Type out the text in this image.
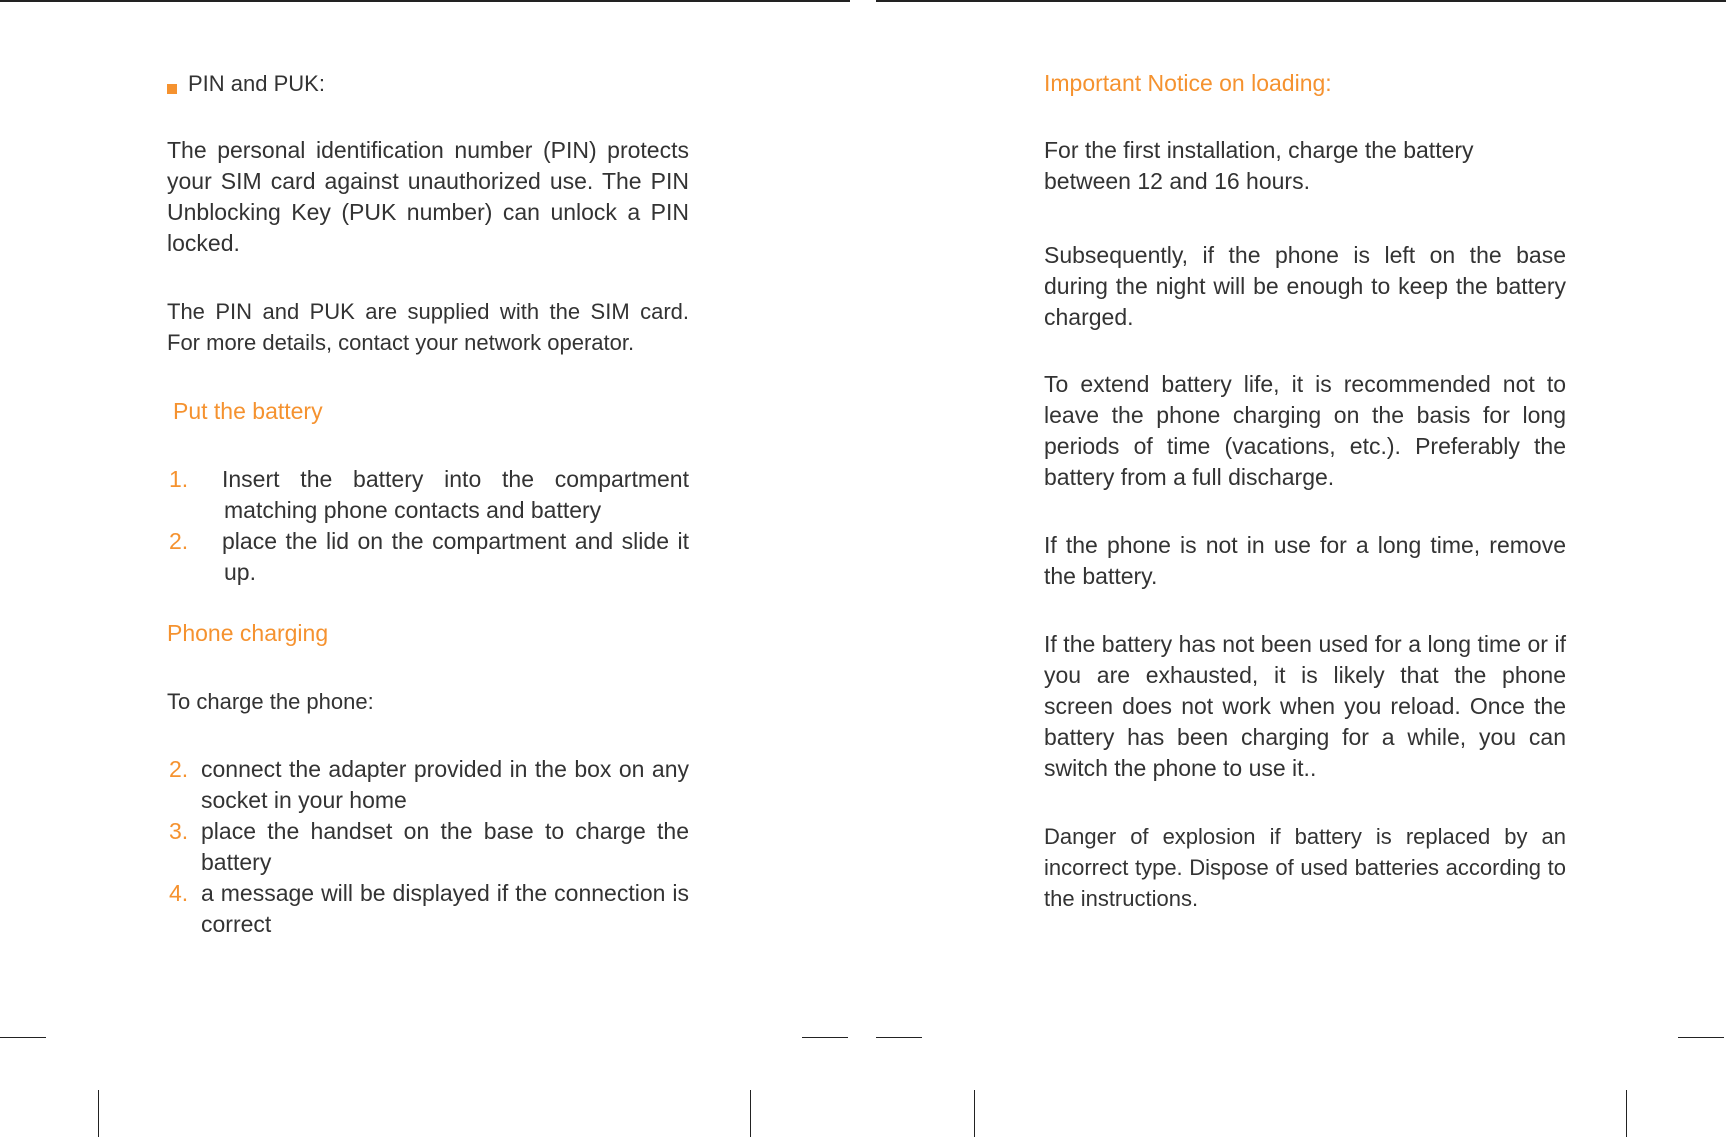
PIN and PUK:

The personal identification number (PIN) protects your SIM card against unauthorized use. The PIN Unblocking Key (PUK number) can unlock a PIN locked.

The PIN and PUK are supplied with the SIM card. For more details, contact your network operator.

Put the battery
1.	Insert the battery into the compartment matching phone contacts and battery
2.	place the lid on the compartment and slide it up.
Phone charging

To charge the phone:

2. connect the adapter provided in the box on any socket in your home
3. place the handset on the base to charge the battery
4. a message will be displayed if the connection is correct
Important Notice on loading:

For the first installation, charge the battery between 12 and 16 hours.

Subsequently, if the phone is left on the base during the night will be enough to keep the battery charged.

To extend battery life, it is recommended not to leave the phone charging on the basis for long periods of time (vacations, etc.). Preferably the battery from a full discharge.

If the phone is not in use for a long time, remove the battery.

If the battery has not been used for a long time or if you are exhausted, it is likely that the phone screen does not work when you reload. Once the battery has been charging for a while, you can switch the phone to use it..

Danger of explosion if battery is replaced by an incorrect type. Dispose of used batteries according to the instructions.
